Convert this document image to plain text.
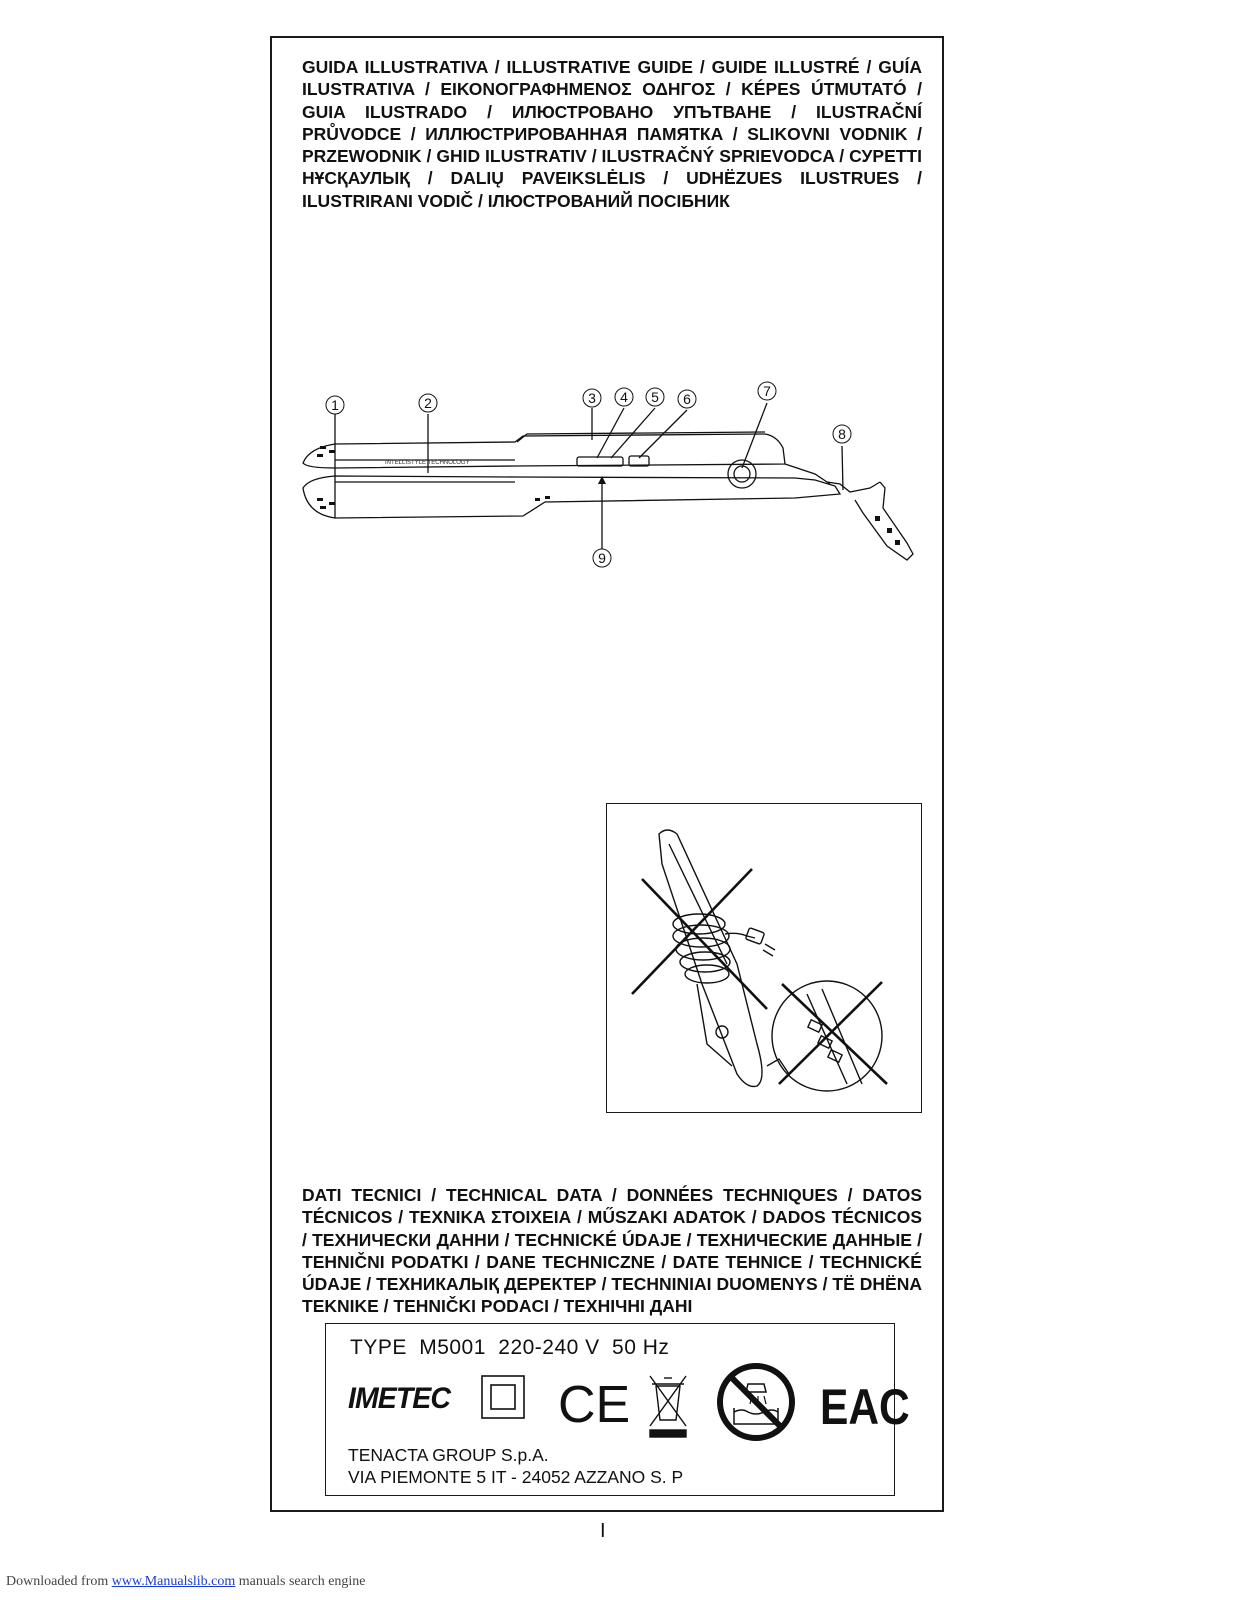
GUIDA ILLUSTRATIVA / ILLUSTRATIVE GUIDE / GUIDE ILLUSTRÉ / GUÍA ILUSTRATIVA / ΕΙΚΟΝΟΓΡΑΦΗΜΕΝΟΣ ΟΔΗΓΟΣ / KÉPES ÚTMUTATÓ / GUIA ILUSTRADO / ИЛЮСТРОВАНО УПЪТВАНЕ / ILUSTRAČNÍ PRŮVODCE / ИЛЛЮСТРИРОВАННАЯ ПАМЯТКА / SLIKOVNI VODNIK / PRZEWODNIK / GHID ILUSTRATIV / ILUSTRAČNÝ SPRIEVODCA / СУРЕТТІ НҰСҚАУЛЫҚ / DALIŲ PAVEIKSLĖLIS / UDHËZUES ILUSTRUES / ILUSTRIRANI VODIČ / ІЛЮСТРОВАНИЙ ПОСІБНИК

INTELLISTYLE TECHNOLOGY
1	2	3 4 5 6	7
8
9

DATI TECNICI / TECHNICAL DATA / DONNÉES TECHNIQUES / DATOS TÉCNICOS / TEXNIKA ΣΤΟΙΧΕΙΑ / MŰSZAKI ADATOK / DADOS TÉCNICOS / ТЕХНИЧЕСКИ ДАННИ / TECHNICKÉ ÚDAJE / ТЕХНИЧЕСКИЕ ДАННЫЕ / TEHNIČNI PODATKI / DANE TECHNICZNE / DATE TEHNICE / TECHNICKÉ ÚDAJE / ТЕХНИКАЛЫҚ ДЕРЕКТЕР / TECHNINIAI DUOMENYS / TË DHËNA TEKNIKE / TEHNIČKI PODACI / ТЕХНІЧНІ ДАНІ

TYPE M5001 220-240 V 50 Hz
IMETEC CE	EAC
TENACTA GROUP S.p.A.
VIA PIEMONTE 5 IT - 24052 AZZANO S. P
I
Downloaded from www.Manualslib.com manuals search engine
